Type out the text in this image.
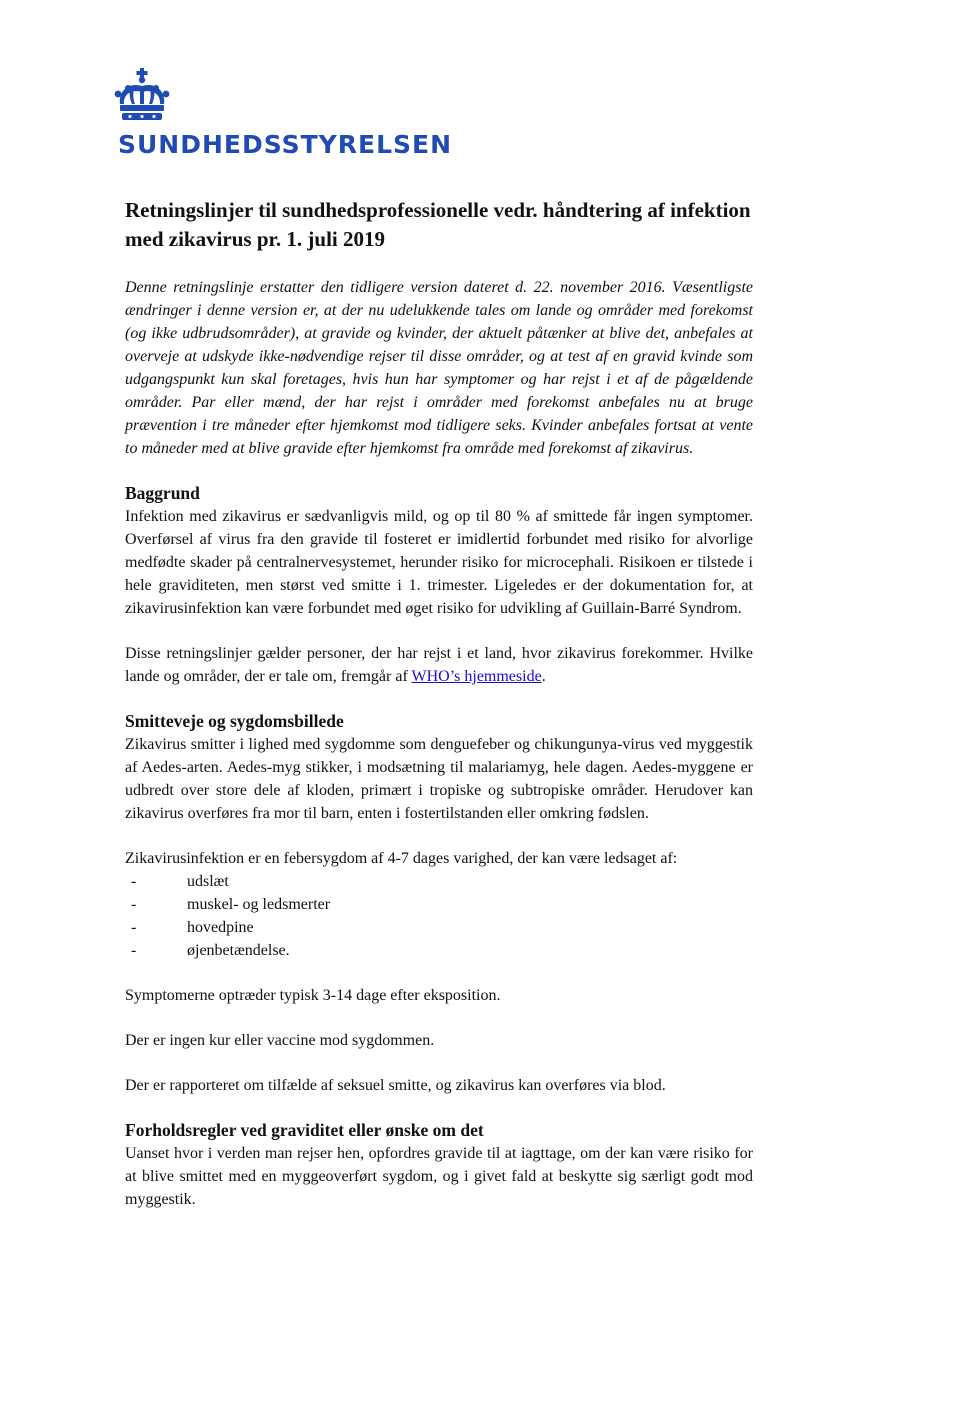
SUNDHEDSSTYRELSEN
Retningslinjer til sundhedsprofessionelle vedr. håndtering af infektion med zikavirus pr. 1. juli 2019

Denne retningslinje erstatter den tidligere version dateret d. 22. november 2016. Væsentligste ændringer i denne version er, at der nu udelukkende tales om lande og områder med forekomst (og ikke udbrudsområder), at gravide og kvinder, der aktuelt påtænker at blive det, anbefales at overveje at udskyde ikke-nødvendige rejser til disse områder, og at test af en gravid kvinde som udgangspunkt kun skal foretages, hvis hun har symptomer og har rejst i et af de pågældende områder. Par eller mænd, der har rejst i områder med forekomst anbefales nu at bruge prævention i tre måneder efter hjemkomst mod tidligere seks. Kvinder anbefales fortsat at vente to måneder med at blive gravide efter hjemkomst fra område med forekomst af zikavirus.

Baggrund

Infektion med zikavirus er sædvanligvis mild, og op til 80 % af smittede får ingen symptomer. Overførsel af virus fra den gravide til fosteret er imidlertid forbundet med risiko for alvorlige medfødte skader på centralnervesystemet, herunder risiko for microcephali. Risikoen er tilstede i hele graviditeten, men størst ved smitte i 1. trimester. Ligeledes er der dokumentation for, at zikavirusinfektion kan være forbundet med øget risiko for udvikling af Guillain-Barré Syndrom.

Disse retningslinjer gælder personer, der har rejst i et land, hvor zikavirus forekommer. Hvilke lande og områder, der er tale om, fremgår af WHO’s hjemmeside.

Smitteveje og sygdomsbillede

Zikavirus smitter i lighed med sygdomme som denguefeber og chikungunya-virus ved myggestik af Aedes-arten. Aedes-myg stikker, i modsætning til malariamyg, hele dagen. Aedes-myggene er udbredt over store dele af kloden, primært i tropiske og subtropiske områder. Herudover kan zikavirus overføres fra mor til barn, enten i fostertilstanden eller omkring fødslen.

Zikavirusinfektion er en febersygdom af 4-7 dages varighed, der kan være ledsaget af:

-	udslæt
-	muskel- og ledsmerter
-	hovedpine
-	øjenbetændelse.

Symptomerne optræder typisk 3-14 dage efter eksposition.

Der er ingen kur eller vaccine mod sygdommen.

Der er rapporteret om tilfælde af seksuel smitte, og zikavirus kan overføres via blod.

Forholdsregler ved graviditet eller ønske om det

Uanset hvor i verden man rejser hen, opfordres gravide til at iagttage, om der kan være risiko for at blive smittet med en myggeoverført sygdom, og i givet fald at beskytte sig særligt godt mod myggestik.
